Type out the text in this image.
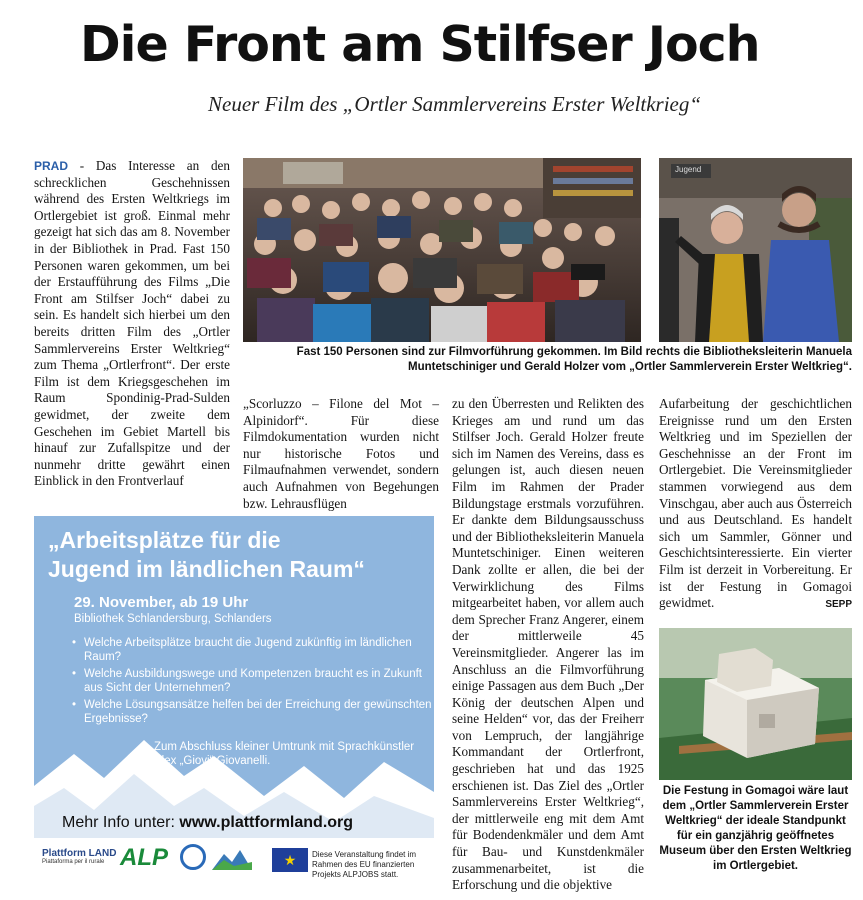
Die Front am Stilfser Joch
Neuer Film des „Ortler Sammlervereins Erster Weltkrieg“

PRAD - Das Interesse an den schrecklichen Geschehnissen während des Ersten Weltkriegs im Ortlergebiet ist groß. Einmal mehr gezeigt hat sich das am 8. November in der Bibliothek in Prad. Fast 150 Personen waren gekommen, um bei der Erstaufführung des Films „Die Front am Stilfser Joch“ dabei zu sein. Es handelt sich hierbei um den bereits dritten Film des „Ortler Sammlervereins Erster Weltkrieg“ zum Thema „Ortlerfront“. Der erste Film ist dem Kriegsgeschehen im Raum Spondinig-Prad-Sulden gewidmet, der zweite dem Geschehen im Gebiet Martell bis hinauf zur Zufallspitze und der nunmehr dritte gewährt einen Einblick in den Frontverlauf

Jugend
Fast 150 Personen sind zur Filmvorführung gekommen. Im Bild rechts die Bibliotheksleiterin Manuela Muntetschiniger und Gerald Holzer vom „Ortler Sammlerverein Erster Weltkrieg“.

„Scorluzzo – Filone del Mot – Alpinidorf“. Für diese Filmdokumentation wurden nicht nur historische Fotos und Filmaufnahmen verwendet, sondern auch Aufnahmen von Begehungen bzw. Lehrausflügen

zu den Überresten und Relikten des Krieges am und rund um das Stilfser Joch. Gerald Holzer freute sich im Namen des Vereins, dass es gelungen ist, auch diesen neuen Film im Rahmen der Prader Bildungstage erstmals vorzuführen. Er dankte dem Bildungsausschuss und der Bibliotheksleiterin Manuela Muntetschiniger. Einen weiteren Dank zollte er allen, die bei der Verwirklichung des Films mitgearbeitet haben, vor allem auch dem Sprecher Franz Angerer, einem der mittlerweile 45 Vereinsmitglieder. Angerer las im Anschluss an die Filmvorführung einige Passagen aus dem Buch „Der König der deutschen Alpen und seine Helden“ vor, das der Freiherr von Lempruch, der langjährige Kommandant der Ortlerfront, geschrieben hat und das 1925 erschienen ist. Das Ziel des „Ortler Sammlervereins Erster Weltkrieg“, der mittlerweile eng mit dem Amt für Bodendenkmäler und dem Amt für Bau- und Kunstdenkmäler zusammenarbeitet, ist die Erforschung und die objektive

Aufarbeitung der geschichtlichen Ereignisse rund um den Ersten Weltkrieg und im Speziellen der Geschehnisse an der Front im Ortlergebiet. Die Vereinsmitglieder stammen vorwiegend aus dem Vinschgau, aber auch aus Österreich und aus Deutschland. Es handelt sich um Sammler, Gönner und Geschichtsinteressierte. Ein vierter Film ist derzeit in Vorbereitung. Er ist der Festung in Gomagoi gewidmet.	SEPP

Die Festung in Gomagoi wäre laut dem „Ortler Sammlerverein Erster Weltkrieg“ der ideale Standpunkt für ein ganzjährig geöffnetes Museum über den Ersten Weltkrieg im Ortlergebiet.
„Arbeitsplätze für die
Jugend im ländlichen Raum“
29. November, ab 19 Uhr
Bibliothek Schlandersburg, Schlanders
• Welche Arbeitsplätze braucht die Jugend zukünftig im ländlichen Raum?
• Welche Ausbildungswege und Kompetenzen braucht es in Zukunft aus Sicht der Unternehmen?
• Welche Lösungsansätze helfen bei der Erreichung der gewünschten Ergebnisse?
Zum Abschluss kleiner Umtrunk mit Sprachkünstler
Alex „Giovi“ Giovanelli.
Mehr Info unter: www.plattformland.org
Plattform LAND
Piattaforma per il rurale ALP	★	Diese Veranstaltung findet im Rahmen des EU finanzierten Projekts ALPJOBS statt.
